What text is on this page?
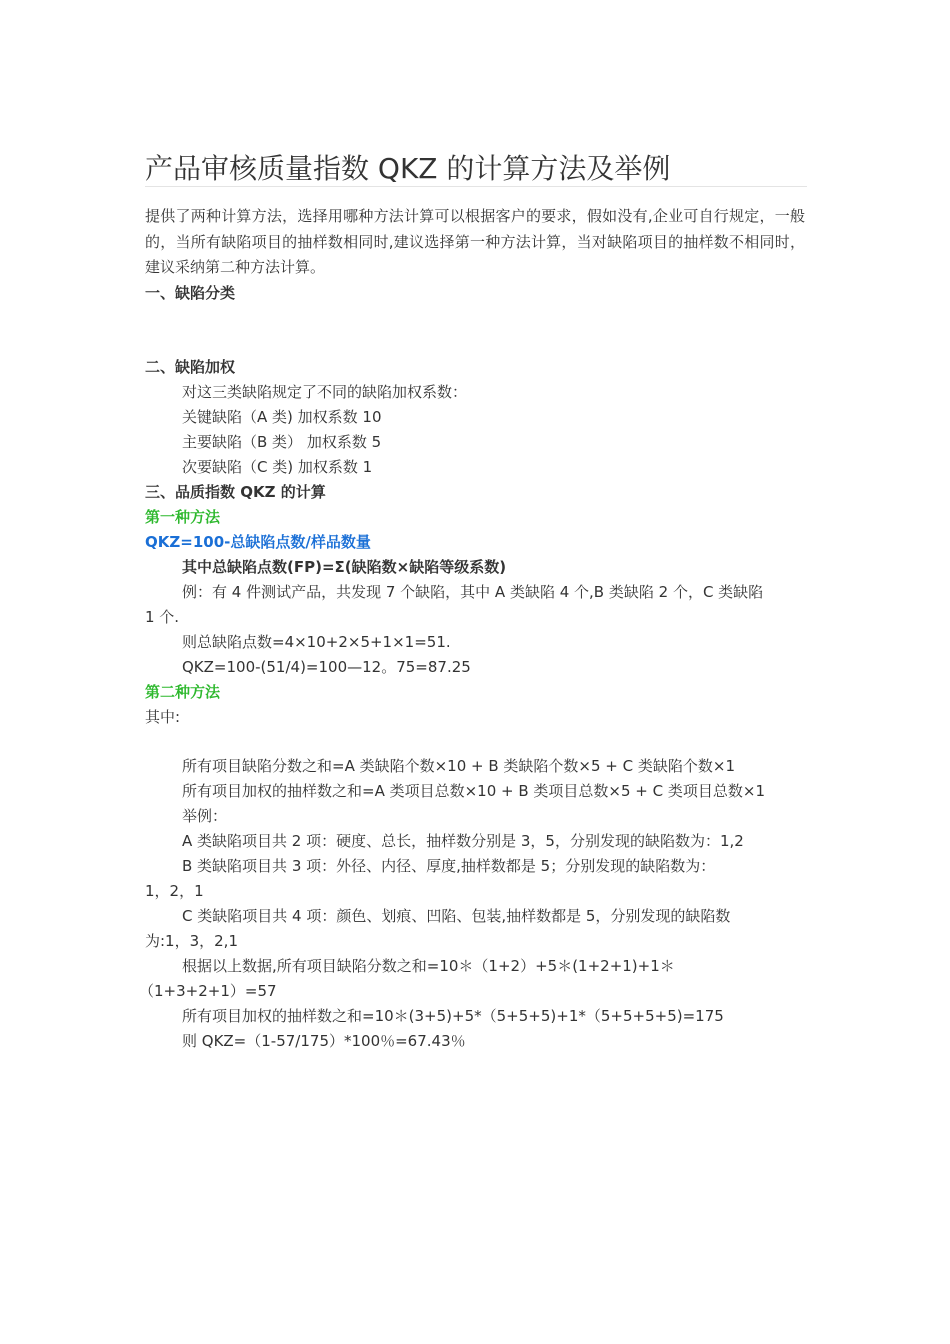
产品审核质量指数 QKZ 的计算方法及举例

提供了两种计算方法，选择用哪种方法计算可以根据客户的要求，假如没有,企业可自行规定，一般的，当所有缺陷项目的抽样数相同时,建议选择第一种方法计算，当对缺陷项目的抽样数不相同时，建议采纳第二种方法计算。

一、缺陷分类
二、缺陷加权
对这三类缺陷规定了不同的缺陷加权系数：
关键缺陷（A 类) 加权系数 10
主要缺陷（B 类） 加权系数 5
次要缺陷（C 类) 加权系数 1
三、品质指数 QKZ 的计算
第一种方法
QKZ=100-总缺陷点数/样品数量
其中总缺陷点数(FP)=Σ(缺陷数×缺陷等级系数)
例：有 4 件测试产品，共发现 7 个缺陷，其中 A 类缺陷 4 个,B 类缺陷 2 个，C 类缺陷
1 个.
则总缺陷点数=4×10+2×5+1×1=51.
QKZ=100-(51/4)=100—12。75=87.25
第二种方法
其中:
所有项目缺陷分数之和=A 类缺陷个数×10 + B 类缺陷个数×5 + C 类缺陷个数×1
所有项目加权的抽样数之和=A 类项目总数×10 + B 类项目总数×5 + C 类项目总数×1
举例：
A 类缺陷项目共 2 项：硬度、总长，抽样数分别是 3，5，分别发现的缺陷数为：1,2
B 类缺陷项目共 3 项：外径、内径、厚度,抽样数都是 5；分别发现的缺陷数为：
1，2，1
C 类缺陷项目共 4 项：颜色、划痕、凹陷、包装,抽样数都是 5，分别发现的缺陷数
为:1，3，2,1
根据以上数据,所有项目缺陷分数之和=10＊（1+2）+5＊(1+2+1)+1＊
（1+3+2+1）=57
所有项目加权的抽样数之和=10＊(3+5)+5*（5+5+5)+1*（5+5+5+5)=175
则 QKZ=（1-57/175）*100％=67.43％
